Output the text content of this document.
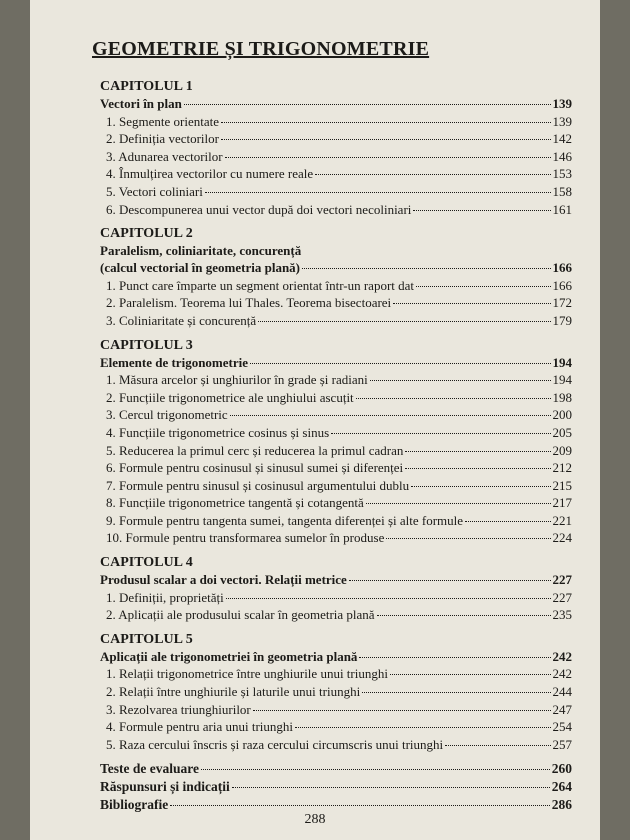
GEOMETRIE ȘI TRIGONOMETRIE
CAPITOLUL 1
Vectori în plan	139
1. Segmente orientate	139
2. Definiția vectorilor	142
3. Adunarea vectorilor	146
4. Înmulțirea vectorilor cu numere reale	153
5. Vectori coliniari	158
6. Descompunerea unui vector după doi vectori necoliniari	161
CAPITOLUL 2
Paralelism, coliniaritate, concurență
(calcul vectorial în geometria plană)	166
1. Punct care împarte un segment orientat într-un raport dat	166
2. Paralelism. Teorema lui Thales. Teorema bisectoarei	172
3. Coliniaritate și concurență	179
CAPITOLUL 3
Elemente de trigonometrie	194
1. Măsura arcelor și unghiurilor în grade și radiani	194
2. Funcțiile trigonometrice ale unghiului ascuțit	198
3. Cercul trigonometric	200
4. Funcțiile trigonometrice cosinus și sinus	205
5. Reducerea la primul cerc și reducerea la primul cadran	209
6. Formule pentru cosinusul și sinusul sumei și diferenței	212
7. Formule pentru sinusul și cosinusul argumentului dublu	215
8. Funcțiile trigonometrice tangentă și cotangentă	217
9. Formule pentru tangenta sumei, tangenta diferenței și alte formule	221
10. Formule pentru transformarea sumelor în produse	224
CAPITOLUL 4
Produsul scalar a doi vectori. Relații metrice	227
1. Definiții, proprietăți	227
2. Aplicații ale produsului scalar în geometria plană	235
CAPITOLUL 5
Aplicații ale trigonometriei în geometria plană	242
1. Relații trigonometrice între unghiurile unui triunghi	242
2. Relații între unghiurile și laturile unui triunghi	244
3. Rezolvarea triunghiurilor	247
4. Formule pentru aria unui triunghi	254
5. Raza cercului înscris și raza cercului circumscris unui triunghi	257
Teste de evaluare	260
Răspunsuri și indicații	264
Bibliografie	286
288
